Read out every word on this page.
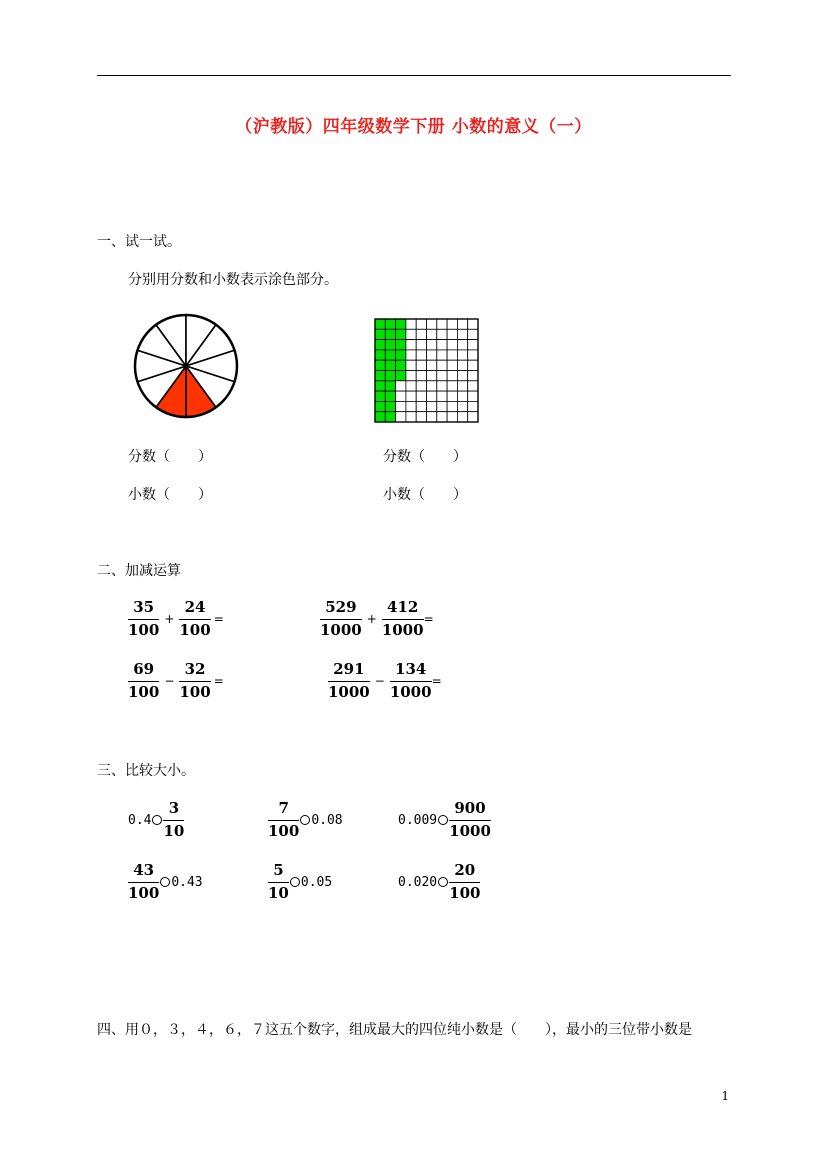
（沪教版）四年级数学下册 小数的意义（一）
一、试一试。
分别用分数和小数表示涂色部分。
分数（　　）
小数（　　）
分数（　　）
小数（　　）
二、加减运算
$\frac{35}{100} + \frac{24}{100}$ =	$\frac{529}{1000} + \frac{412}{1000}$ =
$\frac{69}{100} - \frac{32}{100}$ =	$\frac{291}{1000} - \frac{134}{1000}$ =
三、比较大小。
$0.4 \frac{3}{10}$	$\frac{7}{100} 0.08$	$0.009 \frac{900}{1000}$
$\frac{43}{100} 0.43$	$\frac{5}{10} 0.05$	$0.020 \frac{20}{100}$
四、用０，３，４，６，７这五个数字，组成最大的四位纯小数是（　　），最小的三位带小数是
1
